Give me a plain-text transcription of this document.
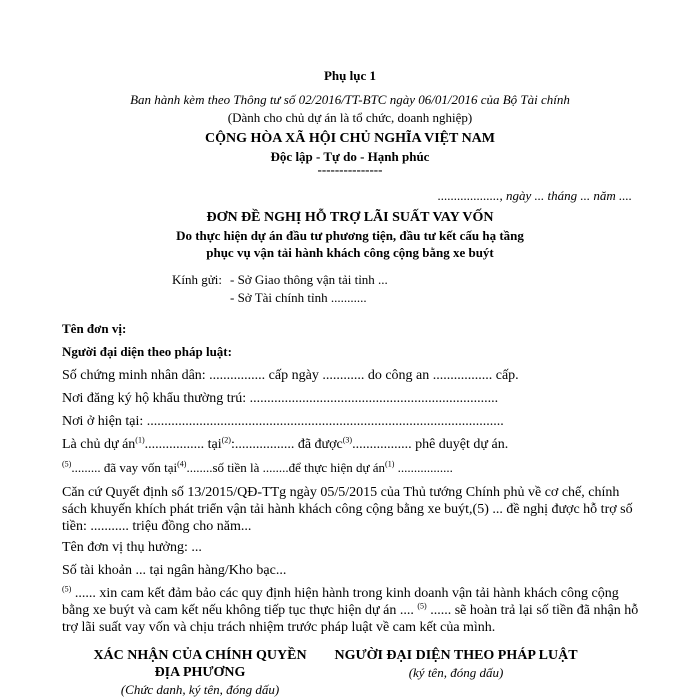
Phụ lục 1
Ban hành kèm theo Thông tư số 02/2016/TT-BTC ngày 06/01/2016 của Bộ Tài chính
(Dành cho chủ dự án là tổ chức, doanh nghiệp)
CỘNG HÒA XÃ HỘI CHỦ NGHĨA VIỆT NAM
Độc lập - Tự do - Hạnh phúc
---------------
..................., ngày ... tháng ... năm ....
ĐƠN ĐỀ NGHỊ HỖ TRỢ LÃI SUẤT VAY VỐN
Do thực hiện dự án đầu tư phương tiện, đầu tư kết cấu hạ tầng
phục vụ vận tải hành khách công cộng bằng xe buýt
Kính gửi: - Sở Giao thông vận tải tỉnh ...
- Sở Tài chính tỉnh ...........
Tên đơn vị:
Người đại diện theo pháp luật:
Số chứng minh nhân dân: ................ cấp ngày ............ do công an ................. cấp.
Nơi đăng ký hộ khẩu thường trú: .......................................................................
Nơi ở hiện tại: ......................................................................................................
Là chủ dự $án^{(1)}$................. tại$^{(2)}$:................. đã được$^{(3)}$................. phê duyệt dự án.
$^{(5)}$......... đã vay vốn tại$^{(4)}$........số tiền là ........để thực hiện dự $án^{(1)}$ .................
Căn cứ Quyết định số 13/2015/QĐ-TTg ngày 05/5/2015 của Thủ tướng Chính phủ về cơ chế, chính sách khuyến khích phát triển vận tải hành khách công cộng bằng xe buýt,(5) ... đề nghị được hỗ trợ số tiền: ........... triệu đồng cho năm...
Tên đơn vị thụ hưởng: ...
Số tài khoản ... tại ngân hàng/Kho bạc...
$^{(5)}$ ...... xin cam kết đảm bảo các quy định hiện hành trong kinh doanh vận tải hành khách công cộng bằng xe buýt và cam kết nếu không tiếp tục thực hiện dự án .... $^{(5)}$ ...... sẽ hoàn trả lại số tiền đã nhận hỗ trợ lãi suất vay vốn và chịu trách nhiệm trước pháp luật về cam kết của mình.
XÁC NHẬN CỦA CHÍNH QUYỀN
ĐỊA PHƯƠNG
(Chức danh, ký tên, đóng dấu)
NGƯỜI ĐẠI DIỆN THEO PHÁP LUẬT
(ký tên, đóng dấu)
